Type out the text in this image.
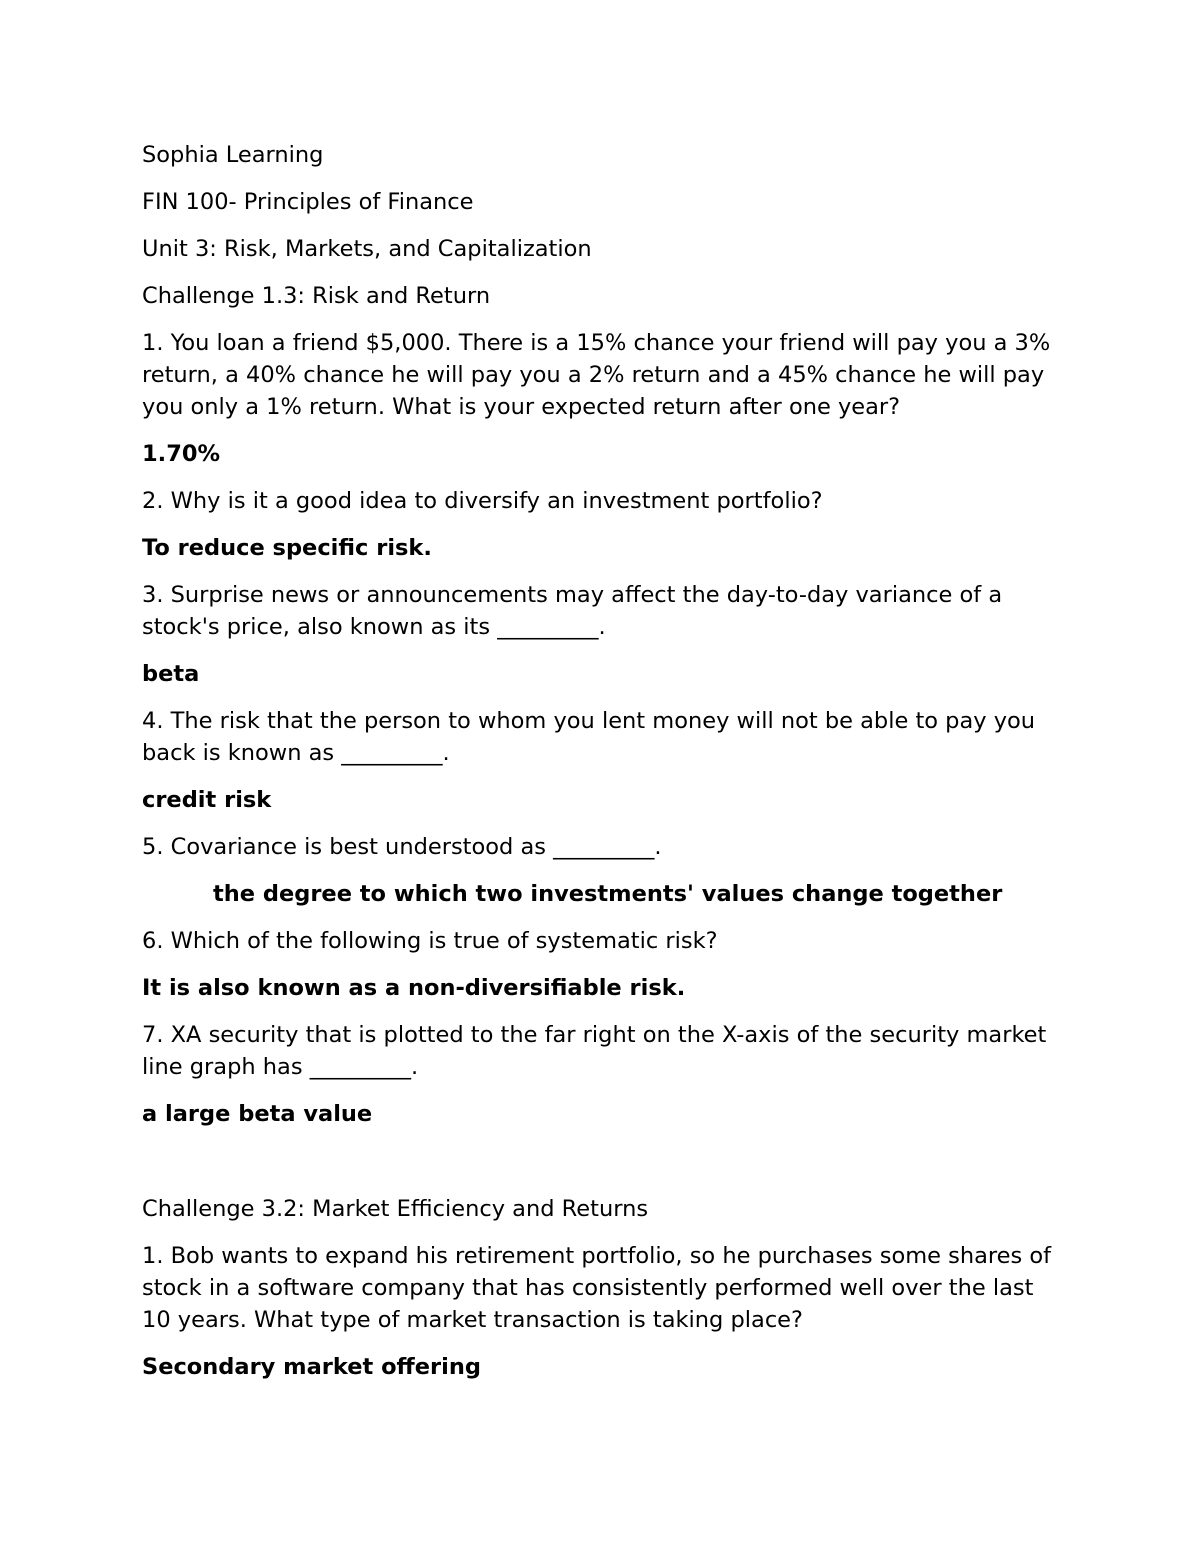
Sophia Learning

FIN 100- Principles of Finance

Unit 3: Risk, Markets, and Capitalization

Challenge 1.3: Risk and Return

1. You loan a friend $5,000. There is a 15% chance your friend will pay you a 3% return, a 40% chance he will pay you a 2% return and a 45% chance he will pay you only a 1% return. What is your expected return after one year?

1.70%

2. Why is it a good idea to diversify an investment portfolio?

To reduce specific risk.

3. Surprise news or announcements may affect the day-to-day variance of a stock's price, also known as its _________.

beta

4. The risk that the person to whom you lent money will not be able to pay you back is known as _________.

credit risk

5. Covariance is best understood as _________.

the degree to which two investments' values change together

6. Which of the following is true of systematic risk?

It is also known as a non-diversifiable risk.

7. XA security that is plotted to the far right on the X-axis of the security market line graph has _________.

a large beta value

Challenge 3.2: Market Efficiency and Returns

1. Bob wants to expand his retirement portfolio, so he purchases some shares of stock in a software company that has consistently performed well over the last 10 years. What type of market transaction is taking place?

Secondary market offering
